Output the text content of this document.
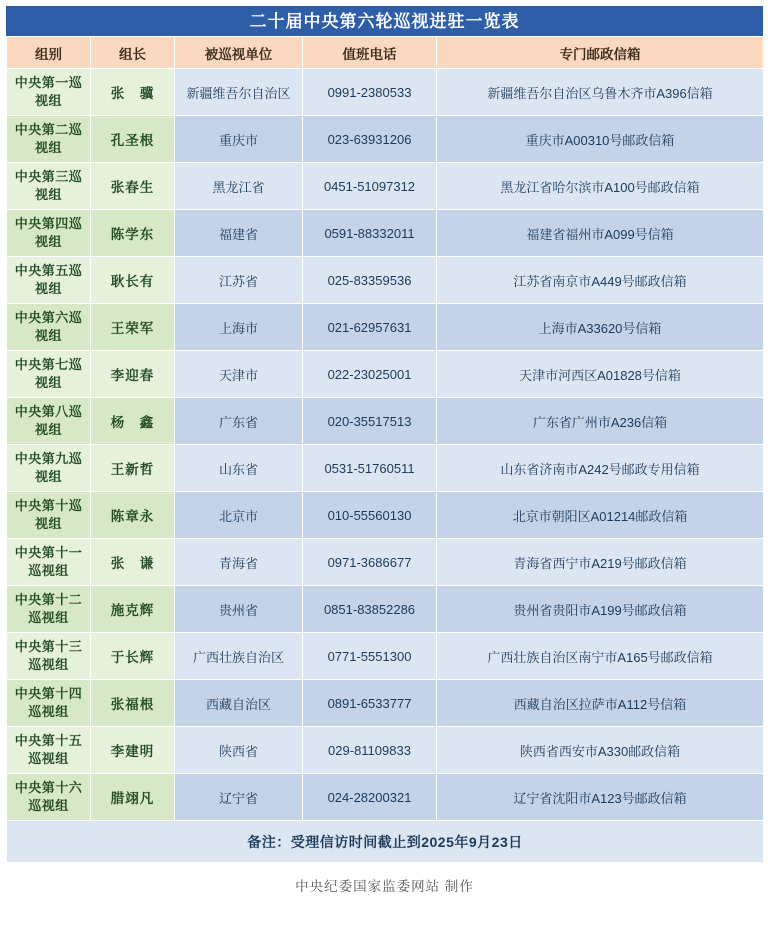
二十届中央第六轮巡视进驻一览表
组别	组长	被巡视单位	值班电话	专门邮政信箱
中央第一巡视组	张　骥	新疆维吾尔自治区	0991-2380533	新疆维吾尔自治区乌鲁木齐市A396信箱
中央第二巡视组	孔圣根	重庆市	023-63931206	重庆市A00310号邮政信箱
中央第三巡视组	张春生	黑龙江省	0451-51097312	黑龙江省哈尔滨市A100号邮政信箱
中央第四巡视组	陈学东	福建省	0591-88332011	福建省福州市A099号信箱
中央第五巡视组	耿长有	江苏省	025-83359536	江苏省南京市A449号邮政信箱
中央第六巡视组	王荣军	上海市	021-62957631	上海市A33620号信箱
中央第七巡视组	李迎春	天津市	022-23025001	天津市河西区A01828号信箱
中央第八巡视组	杨　鑫	广东省	020-35517513	广东省广州市A236信箱
中央第九巡视组	王新哲	山东省	0531-51760511	山东省济南市A242号邮政专用信箱
中央第十巡视组	陈章永	北京市	010-55560130	北京市朝阳区A01214邮政信箱
中央第十一巡视组	张　谦	青海省	0971-3686677	青海省西宁市A219号邮政信箱
中央第十二巡视组	施克辉	贵州省	0851-83852286	贵州省贵阳市A199号邮政信箱
中央第十三巡视组	于长辉	广西壮族自治区	0771-5551300	广西壮族自治区南宁市A165号邮政信箱
中央第十四巡视组	张福根	西藏自治区	0891-6533777	西藏自治区拉萨市A112号信箱
中央第十五巡视组	李建明	陕西省	029-81109833	陕西省西安市A330邮政信箱
中央第十六巡视组	腊翊凡	辽宁省	024-28200321	辽宁省沈阳市A123号邮政信箱
备注：受理信访时间截止到2025年9月23日				
中央纪委国家监委网站 制作
